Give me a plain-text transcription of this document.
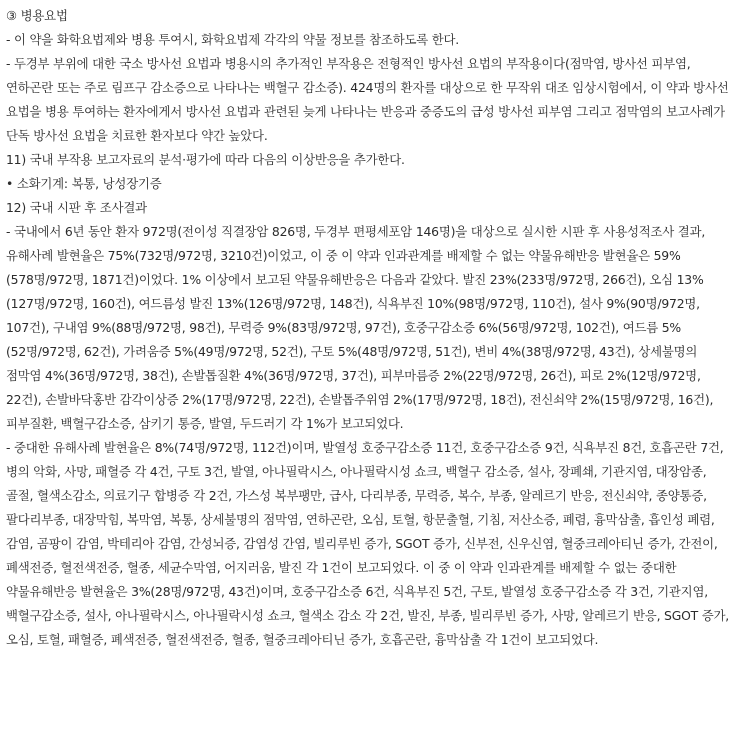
③ 병용요법

- 이 약을 화학요법제와 병용 투여시, 화학요법제 각각의 약물 정보를 참조하도록 한다.

- 두경부 부위에 대한 국소 방사선 요법과 병용시의 추가적인 부작용은 전형적인 방사선 요법의 부작용이다(점막염, 방사선 피부염, 연하곤란 또는 주로 림프구 감소증으로 나타나는 백혈구 감소증). 424명의 환자를 대상으로 한 무작위 대조 임상시험에서, 이 약과 방사선 요법을 병용 투여하는 환자에게서 방사선 요법과 관련된 늦게 나타나는 반응과 중증도의 급성 방사선 피부염 그리고 점막염의 보고사례가 단독 방사선 요법을 치료한 환자보다 약간 높았다.

11) 국내 부작용 보고자료의 분석·평가에 따라 다음의 이상반응을 추가한다.

• 소화기계: 복통, 낭성장기증

12) 국내 시판 후 조사결과

- 국내에서 6년 동안 환자 972명(전이성 직결장암 826명, 두경부 편평세포암 146명)을 대상으로 실시한 시판 후 사용성적조사 결과, 유해사례 발현율은 75%(732명/972명, 3210건)이었고, 이 중 이 약과 인과관계를 배제할 수 없는 약물유해반응 발현율은 59%(578명/972명, 1871건)이었다. 1% 이상에서 보고된 약물유해반응은 다음과 같았다. 발진 23%(233명/972명, 266건), 오심 13%(127명/972명, 160건), 여드름성 발진 13%(126명/972명, 148건), 식욕부진 10%(98명/972명, 110건), 설사 9%(90명/972명, 107건), 구내염 9%(88명/972명, 98건), 무력증 9%(83명/972명, 97건), 호중구감소증 6%(56명/972명, 102건), 여드름 5%(52명/972명, 62건), 가려움증 5%(49명/972명, 52건), 구토 5%(48명/972명, 51건), 변비 4%(38명/972명, 43건), 상세불명의 점막염 4%(36명/972명, 38건), 손발톱질환 4%(36명/972명, 37건), 피부마름증 2%(22명/972명, 26건), 피로 2%(12명/972명, 22건), 손발바닥홍반 감각이상증 2%(17명/972명, 22건), 손발톱주위염 2%(17명/972명, 18건), 전신쇠약 2%(15명/972명, 16건), 피부질환, 백혈구감소증, 삼키기 통증, 발열, 두드러기 각 1%가 보고되었다.

- 중대한 유해사례 발현율은 8%(74명/972명, 112건)이며, 발열성 호중구감소증 11건, 호중구감소증 9건, 식욕부진 8건, 호흡곤란 7건, 병의 악화, 사망, 패혈증 각 4건, 구토 3건, 발열, 아나필락시스, 아나필락시성 쇼크, 백혈구 감소증, 설사, 장폐쇄, 기관지염, 대장암종, 골절, 혈색소감소, 의료기구 합병증 각 2건, 가스성 복부팽만, 급사, 다리부종, 무력증, 복수, 부종, 알레르기 반응, 전신쇠약, 종양통증, 팔다리부종, 대장막힘, 복막염, 복통, 상세불명의 점막염, 연하곤란, 오심, 토혈, 항문출혈, 기침, 저산소증, 폐렴, 흉막삼출, 흡인성 폐렴, 감염, 곰팡이 감염, 박테리아 감염, 간성뇌증, 감염성 간염, 빌리루빈 증가, SGOT 증가, 신부전, 신우신염, 혈중크레아티닌 증가, 간전이, 폐색전증, 혈전색전증, 혈종, 세균수막염, 어지러움, 발진 각 1건이 보고되었다. 이 중 이 약과 인과관계를 배제할 수 없는 중대한 약물유해반응 발현율은 3%(28명/972명, 43건)이며, 호중구감소증 6건, 식욕부진 5건, 구토, 발열성 호중구감소증 각 3건, 기관지염, 백혈구감소증, 설사, 아나필락시스, 아나필락시성 쇼크, 혈색소 감소 각 2건, 발진, 부종, 빌리루빈 증가, 사망, 알레르기 반응, SGOT 증가, 오심, 토혈, 패혈증, 폐색전증, 혈전색전증, 혈종, 혈중크레아티닌 증가, 호흡곤란, 흉막삼출 각 1건이 보고되었다.
